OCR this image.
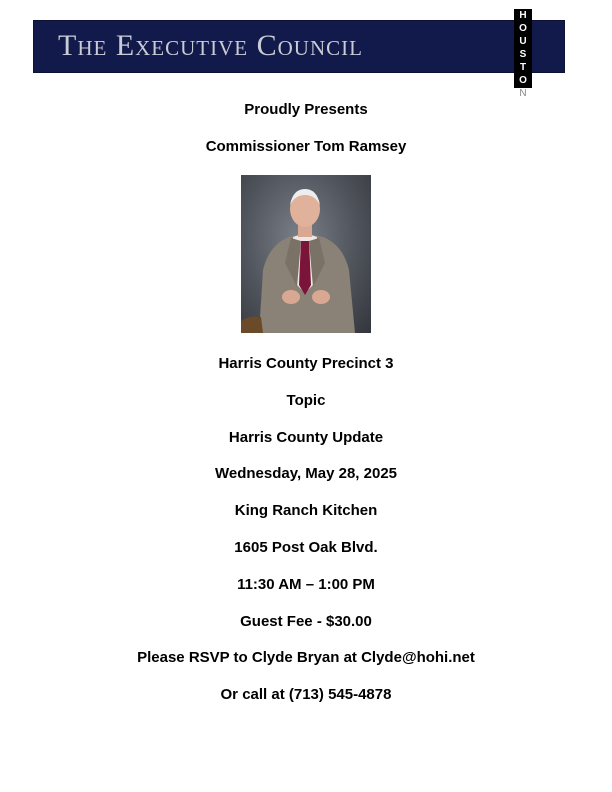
The Executive Council
H
O
U
S
T
O
N
Proudly Presents
Commissioner Tom Ramsey
Harris County Precinct 3
Topic
Harris County Update
Wednesday, May 28, 2025
King Ranch Kitchen
1605 Post Oak Blvd.
11:30 AM – 1:00 PM
Guest Fee - $30.00
Please RSVP to Clyde Bryan at Clyde@hohi.net
Or call at (713) 545-4878
